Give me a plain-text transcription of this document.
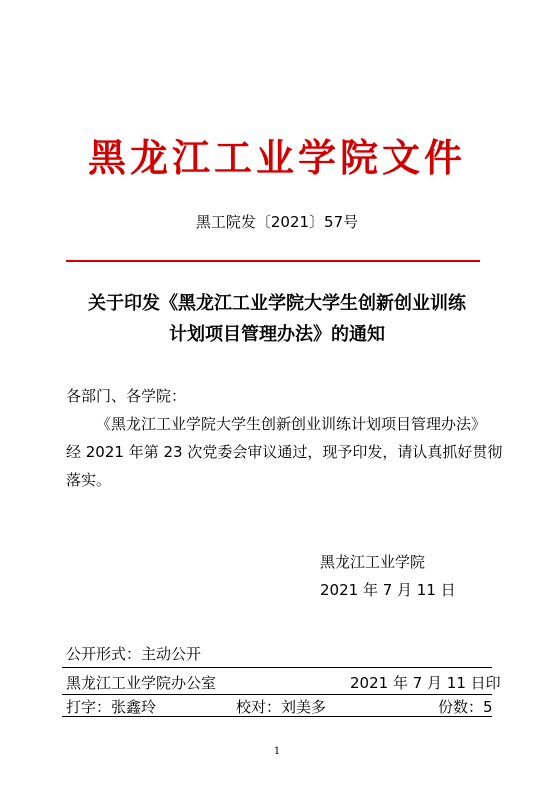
黑龙江工业学院文件
黑工院发〔2021〕57号
关于印发《黑龙江工业学院大学生创新创业训练
计划项目管理办法》的通知
各部门、各学院：
《黑龙江工业学院大学生创新创业训练计划项目管理办法》
经 2021 年第 23 次党委会审议通过，现予印发，请认真抓好贯彻
落实。
黑龙江工业学院
2021 年 7 月 11 日
公开形式：主动公开
黑龙江工业学院办公室	2021 年 7 月 11 日印
打字：张鑫玲	校对：刘美多	份数：5
1
